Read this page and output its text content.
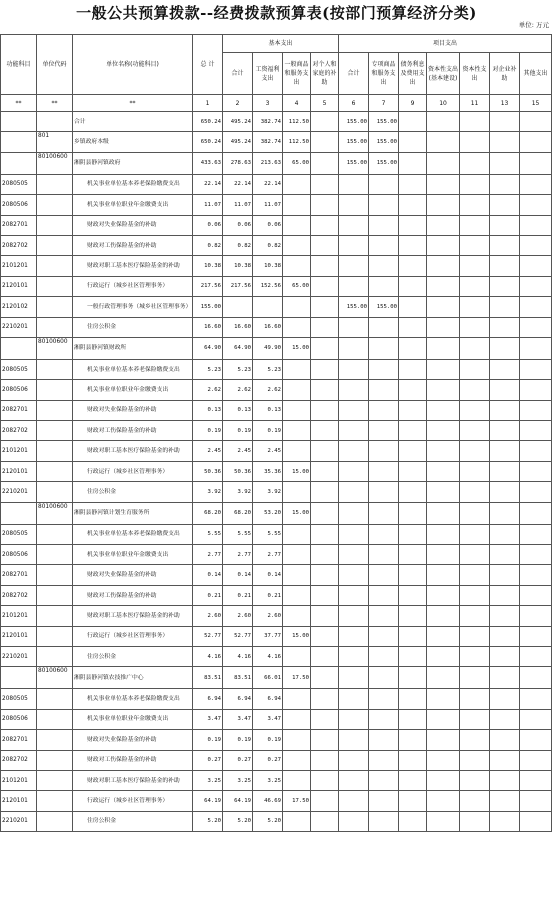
一般公共预算拨款--经费拨款预算表(按部门预算经济分类)
单位: 万元
功能科目	单位代码	单位名称(功能科目)	总 计	基本支出				项目支出						
				合计	工资福利支出	一般商品和服务支出	对个人和家庭的补助	合计	专项商品和服务支出	债务利息及费用支出	资本性支出(基本建设)	资本性支出	对企业补助	其他支出
**	**	**	1	2	3	4	5	6	7	9	10	11	13	15
		合计	650.24	495.24	382.74	112.50		155.00	155.00					
	801	乡镇政府本级	650.24	495.24	382.74	112.50		155.00	155.00					
	80100600	湘阴县静河镇政府	433.63	278.63	213.63	65.00		155.00	155.00					
2080505		机关事业单位基本养老保险缴费支出	22.14	22.14	22.14									
2080506		机关事业单位职业年金缴费支出	11.07	11.07	11.07									
2082701		财政对失业保险基金的补助	0.06	0.06	0.06									
2082702		财政对工伤保险基金的补助	0.82	0.82	0.82									
2101201		财政对职工基本医疗保险基金的补助	10.38	10.38	10.38									
2120101		行政运行（城乡社区管理事务）	217.56	217.56	152.56	65.00								
2120102		一般行政管理事务（城乡社区管理事务）	155.00					155.00	155.00					
2210201		住房公积金	16.60	16.60	16.60									
	80100600	湘阴县静河镇财政所	64.90	64.90	49.90	15.00								
2080505		机关事业单位基本养老保险缴费支出	5.23	5.23	5.23									
2080506		机关事业单位职业年金缴费支出	2.62	2.62	2.62									
2082701		财政对失业保险基金的补助	0.13	0.13	0.13									
2082702		财政对工伤保险基金的补助	0.19	0.19	0.19									
2101201		财政对职工基本医疗保险基金的补助	2.45	2.45	2.45									
2120101		行政运行（城乡社区管理事务）	50.36	50.36	35.36	15.00								
2210201		住房公积金	3.92	3.92	3.92									
	80100600	湘阴县静河镇计划生育服务所	68.20	68.20	53.20	15.00								
2080505		机关事业单位基本养老保险缴费支出	5.55	5.55	5.55									
2080506		机关事业单位职业年金缴费支出	2.77	2.77	2.77									
2082701		财政对失业保险基金的补助	0.14	0.14	0.14									
2082702		财政对工伤保险基金的补助	0.21	0.21	0.21									
2101201		财政对职工基本医疗保险基金的补助	2.60	2.60	2.60									
2120101		行政运行（城乡社区管理事务）	52.77	52.77	37.77	15.00								
2210201		住房公积金	4.16	4.16	4.16									
	80100600	湘阴县静河镇农技推广中心	83.51	83.51	66.01	17.50								
2080505		机关事业单位基本养老保险缴费支出	6.94	6.94	6.94									
2080506		机关事业单位职业年金缴费支出	3.47	3.47	3.47									
2082701		财政对失业保险基金的补助	0.19	0.19	0.19									
2082702		财政对工伤保险基金的补助	0.27	0.27	0.27									
2101201		财政对职工基本医疗保险基金的补助	3.25	3.25	3.25									
2120101		行政运行（城乡社区管理事务）	64.19	64.19	46.69	17.50								
2210201		住房公积金	5.20	5.20	5.20									
